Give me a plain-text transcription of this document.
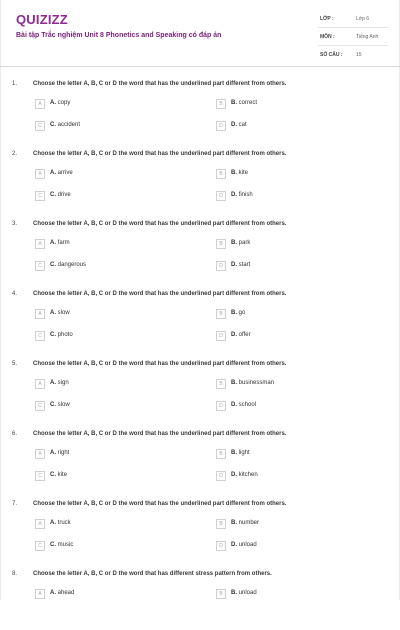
QUIZIZZ
Bài tập Trắc nghiệm Unit 8 Phonetics and Speaking có đáp án
LỚP :	Lớp 6
MÔN :	Tiếng Anh
SỐ CÂU :	15
1.	Choose the letter A, B, C or D the word that has the underlined part different from others.
A	A. copy	B	B. correct
C	C. accident	D	D. cat
2.	Choose the letter A, B, C or D the word that has the underlined part different from others.
A	A. arrive	B	B. kite
C	C. drive	D	D. finish
3.	Choose the letter A, B, C or D the word that has the underlined part different from others.
A	A. farm	B	B. park
C	C. dangerous	D	D. start
4.	Choose the letter A, B, C or D the word that has the underlined part different from others.
A	A. slow	B	B. go
C	C. photo	D	D. offer
5.	Choose the letter A, B, C or D the word that has the underlined part different from others.
A	A. sign	B	B. businessman
C	C. slow	D	D. school
6.	Choose the letter A, B, C or D the word that has the underlined part different from others.
A	A. right	B	B. light
C	C. kite	D	D. kitchen
7.	Choose the letter A, B, C or D the word that has the underlined part different from others.
A	A. truck	B	B. number
C	C. music	D	D. unload
8.	Choose the letter A, B, C or D the word that has different stress pattern from others.
A	A. ahead	B	B. unload
